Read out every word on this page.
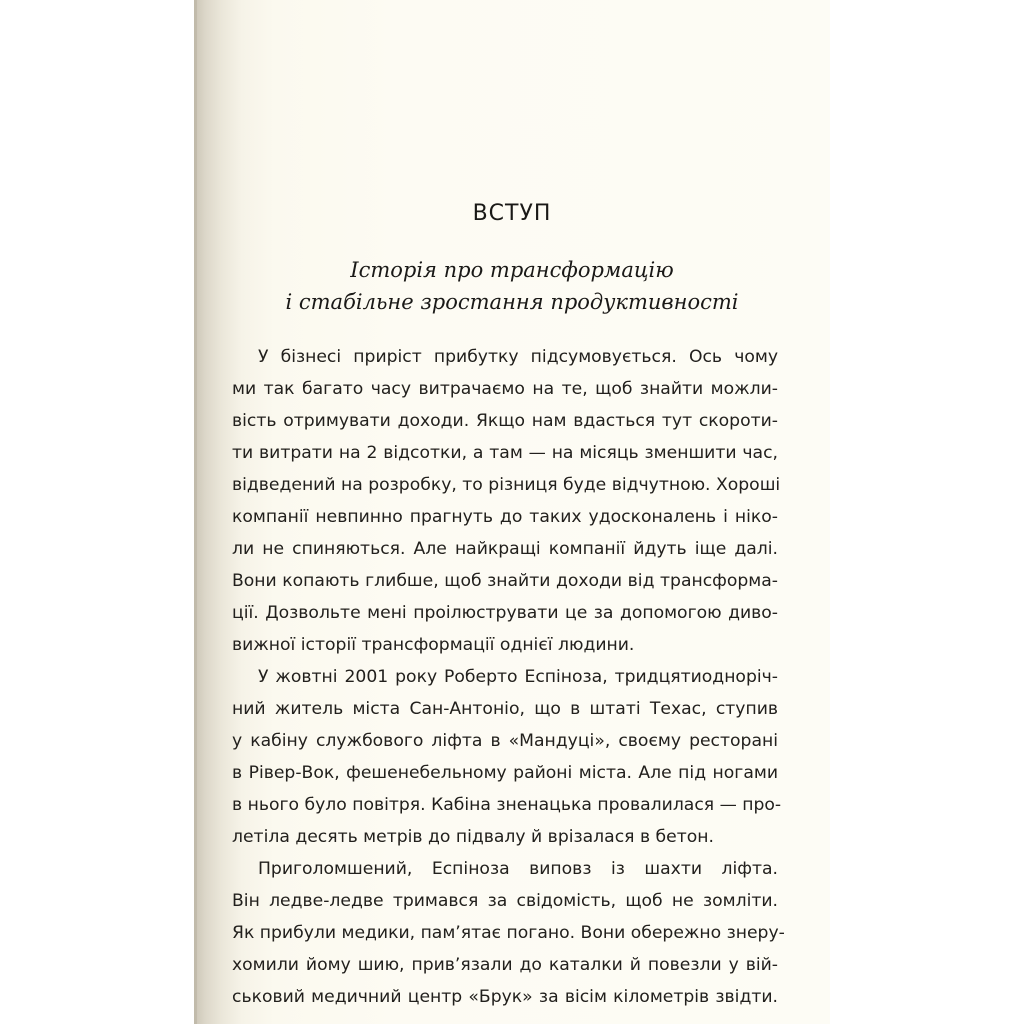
ВСТУП
Історія про трансформацію
і стабільне зростання продуктивності
У бізнесі приріст прибутку підсумовується. Ось чому
ми так багато часу витрачаємо на те, щоб знайти можли-
вість отримувати доходи. Якщо нам вдасться тут скороти-
ти витрати на 2 відсотки, а там — на місяць зменшити час,
відведений на розробку, то різниця буде відчутною. Хороші
компанії невпинно прагнуть до таких удосконалень і ніко-
ли не спиняються. Але найкращі компанії йдуть іще далі.
Вони копають глибше, щоб знайти доходи від трансформа-
ції. Дозвольте мені проілюструвати це за допомогою диво-
вижної історії трансформації однієї людини.
У жовтні 2001 року Роберто Еспіноза, тридцятиодноріч-
ний житель міста Сан-Антоніо, що в штаті Техас, ступив
у кабіну службового ліфта в «Мандуці», своєму ресторані
в Рівер-Вок, фешенебельному районі міста. Але під ногами
в нього було повітря. Кабіна зненацька провалилася — про-
летіла десять метрів до підвалу й врізалася в бетон.
Приголомшений, Еспіноза виповз із шахти ліфта.
Він ледве-ледве тримався за свідомість, щоб не зомліти.
Як прибули медики, пам’ятає погано. Вони обережно знеру-
хомили йому шию, прив’язали до каталки й повезли у вій-
ськовий медичний центр «Брук» за вісім кілометрів звідти.
